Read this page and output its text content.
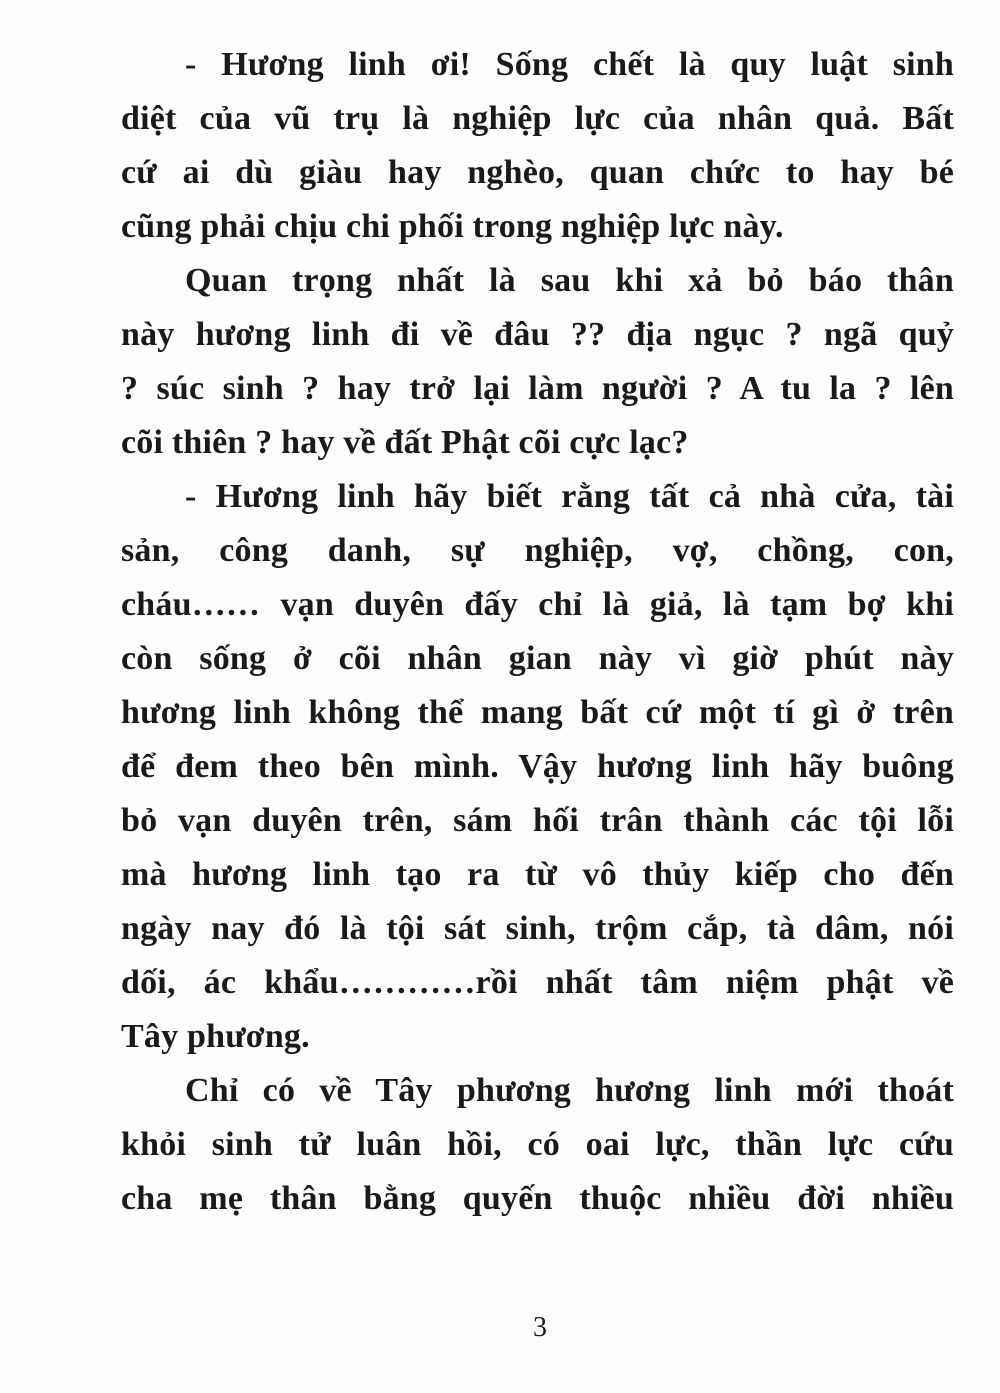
- Hương linh ơi! Sống chết là quy luật sinh
diệt của vũ trụ là nghiệp lực của nhân quả. Bất
cứ ai dù giàu hay nghèo, quan chức to hay bé
cũng phải chịu chi phối trong nghiệp lực này.
Quan trọng nhất là sau khi xả bỏ báo thân
này hương linh đi về đâu ?? địa ngục ? ngã quỷ
? súc sinh ? hay trở lại làm người ? A tu la ? lên
cõi thiên ? hay về đất Phật cõi cực lạc?
- Hương linh hãy biết rằng tất cả nhà cửa, tài
sản, công danh, sự nghiệp, vợ, chồng, con,
cháu…… vạn duyên đấy chỉ là giả, là tạm bợ khi
còn sống ở cõi nhân gian này vì giờ phút này
hương linh không thể mang bất cứ một tí gì ở trên
để đem theo bên mình. Vậy hương linh hãy buông
bỏ vạn duyên trên, sám hối trân thành các tội lỗi
mà hương linh tạo ra từ vô thủy kiếp cho đến
ngày nay đó là tội sát sinh, trộm cắp, tà dâm, nói
dối, ác khẩu…………rồi nhất tâm niệm phật về
Tây phương.
Chỉ có về Tây phương hương linh mới thoát
khỏi sinh tử luân hồi, có oai lực, thần lực cứu
cha mẹ thân bằng quyến thuộc nhiều đời nhiều
3
